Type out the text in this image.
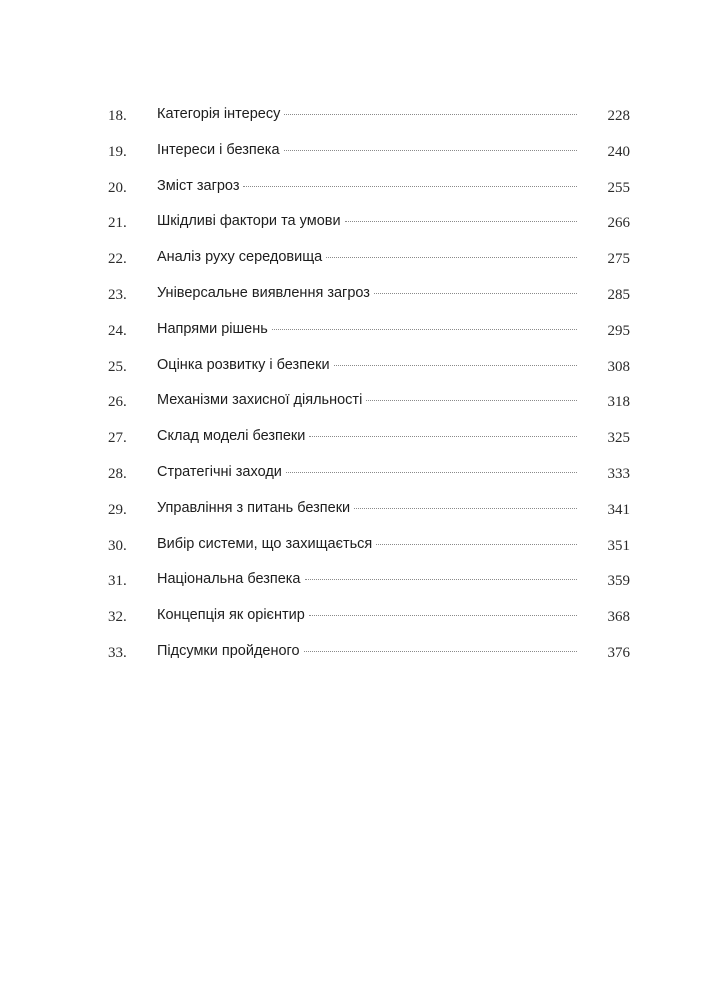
18. Категорія інтересу	228
19. Інтереси і безпека	240
20. Зміст загроз	255
21. Шкідливі фактори та умови	266
22. Аналіз руху середовища	275
23. Універсальне виявлення загроз	285
24. Напрями рішень	295
25. Оцінка розвитку і безпеки	308
26. Механізми захисної діяльності	318
27. Склад моделі безпеки	325
28. Стратегічні заходи	333
29. Управління з питань безпеки	341
30. Вибір системи, що захищається	351
31. Національна безпека	359
32. Концепція як орієнтир	368
33. Підсумки пройденого	376
